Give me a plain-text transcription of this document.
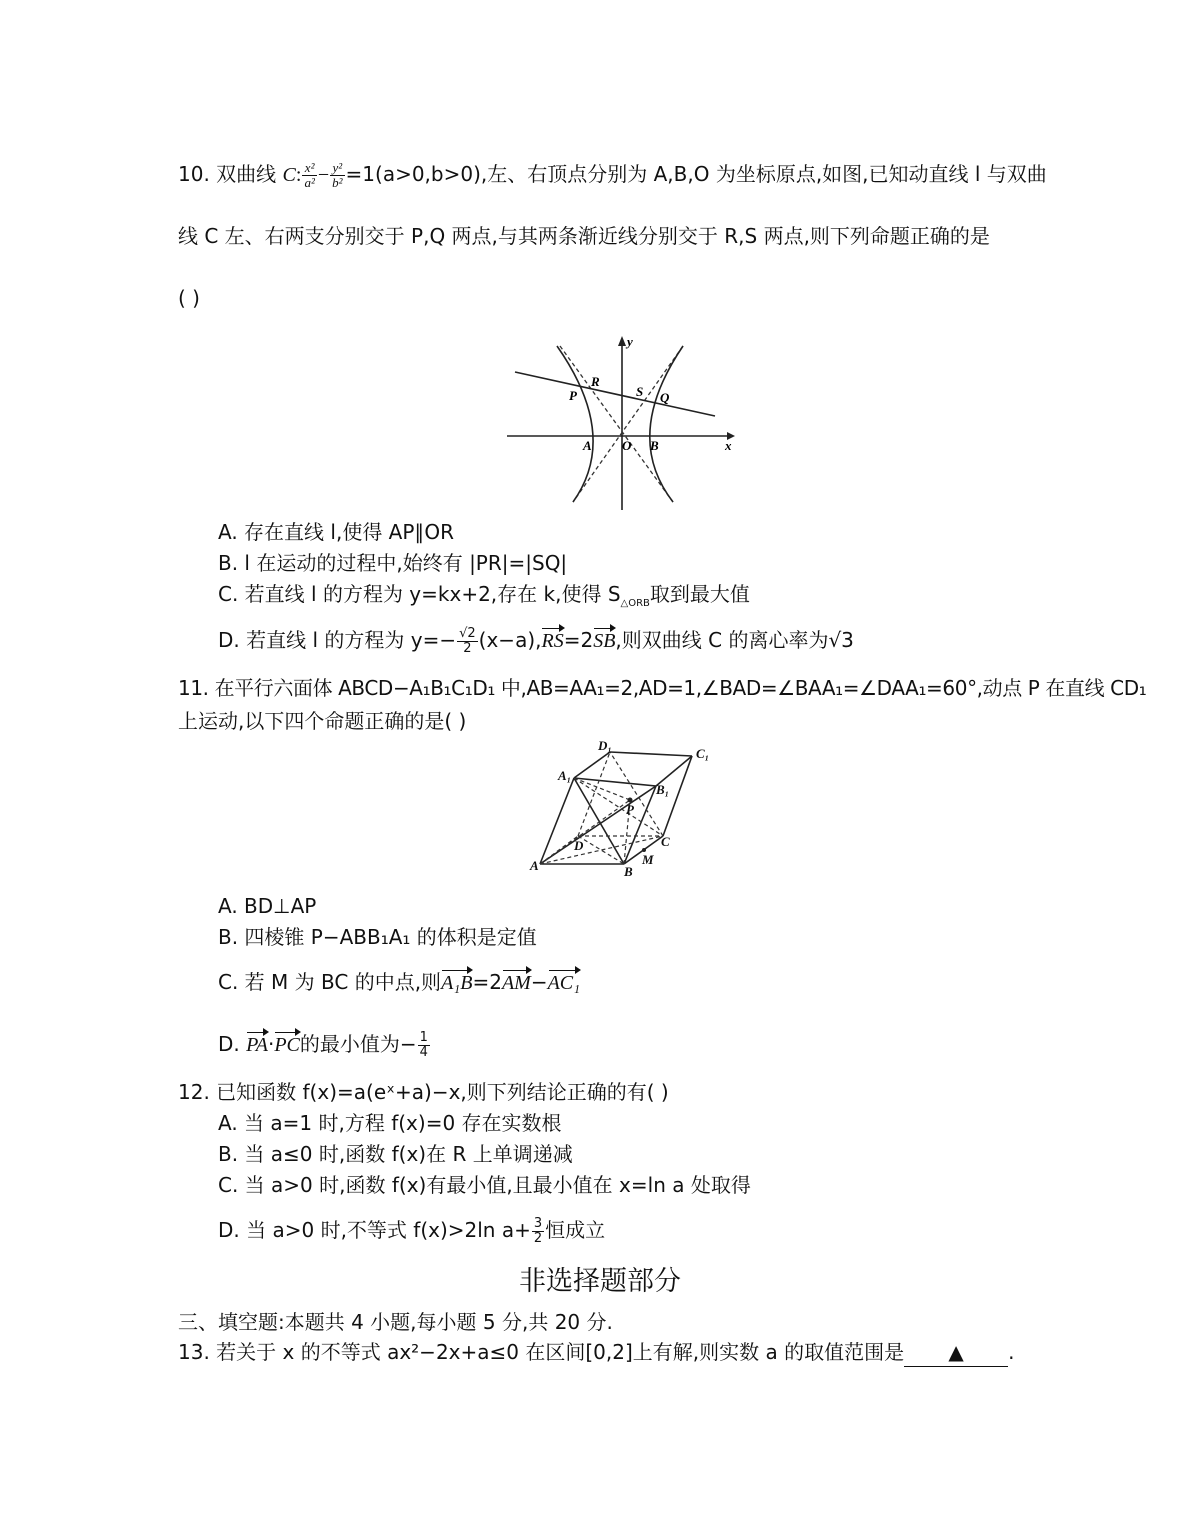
10. 双曲线 C: $\frac{\text{x²}}{\text{a²}} - \frac{\text{y²}}{\text{b²}} =1(a>0,b>0)$,左、右顶点分别为 A,B,O 为坐标原点,如图,已知动直线 l 与双曲
线 C 左、右两支分别交于 P,Q 两点,与其两条渐近线分别交于 R,S 两点,则下列命题正确的是
( )
y
x
R
P	S Q
A O B
A. 存在直线 l,使得 AP∥OR
B. l 在运动的过程中,始终有 |PR|=|SQ|
C. 若直线 l 的方程为 y=kx+2,存在 k,使得 $S_{\triangle ORB}$取到最大值
D. 若直线 l 的方程为 $y=- \frac{√2}{2} (x-a),RS=2SB$,则双曲线 C 的离心率为√3
11. 在平行六面体 ABCD−A₁B₁C₁D₁ 中,AB=AA₁=2,AD=1,∠BAD=∠BAA₁=∠DAA₁=60°,动点 P 在直线 CD₁
上运动,以下四个命题正确的是( )
D₁
C₁
A₁
B₁
P
C
D
A	B
M
A. BD⊥AP
B. 四棱锥 P−ABB₁A₁ 的体积是定值
C. 若 M 为 BC 的中点,则A₁B=2AM−AC₁
D. PA·PC的最小值为− $\frac{1}{4}$
12. 已知函数 f(x)=a(eˣ+a)−x,则下列结论正确的有( )
A. 当 a=1 时,方程 f(x)=0 存在实数根
B. 当 a≤0 时,函数 f(x)在 R 上单调递减
C. 当 a>0 时,函数 f(x)有最小值,且最小值在 x=ln a 处取得
D. 当 a>0 时,不等式 f(x)>2ln $a+ \frac{3}{2}$ 恒成立
非选择题部分
三、填空题:本题共 4 小题,每小题 5 分,共 20 分.
13. 若关于 x 的不等式 ax²−2x+a≤0 在区间[0,2]上有解,则实数 a 的取值范围是 ▲ .
